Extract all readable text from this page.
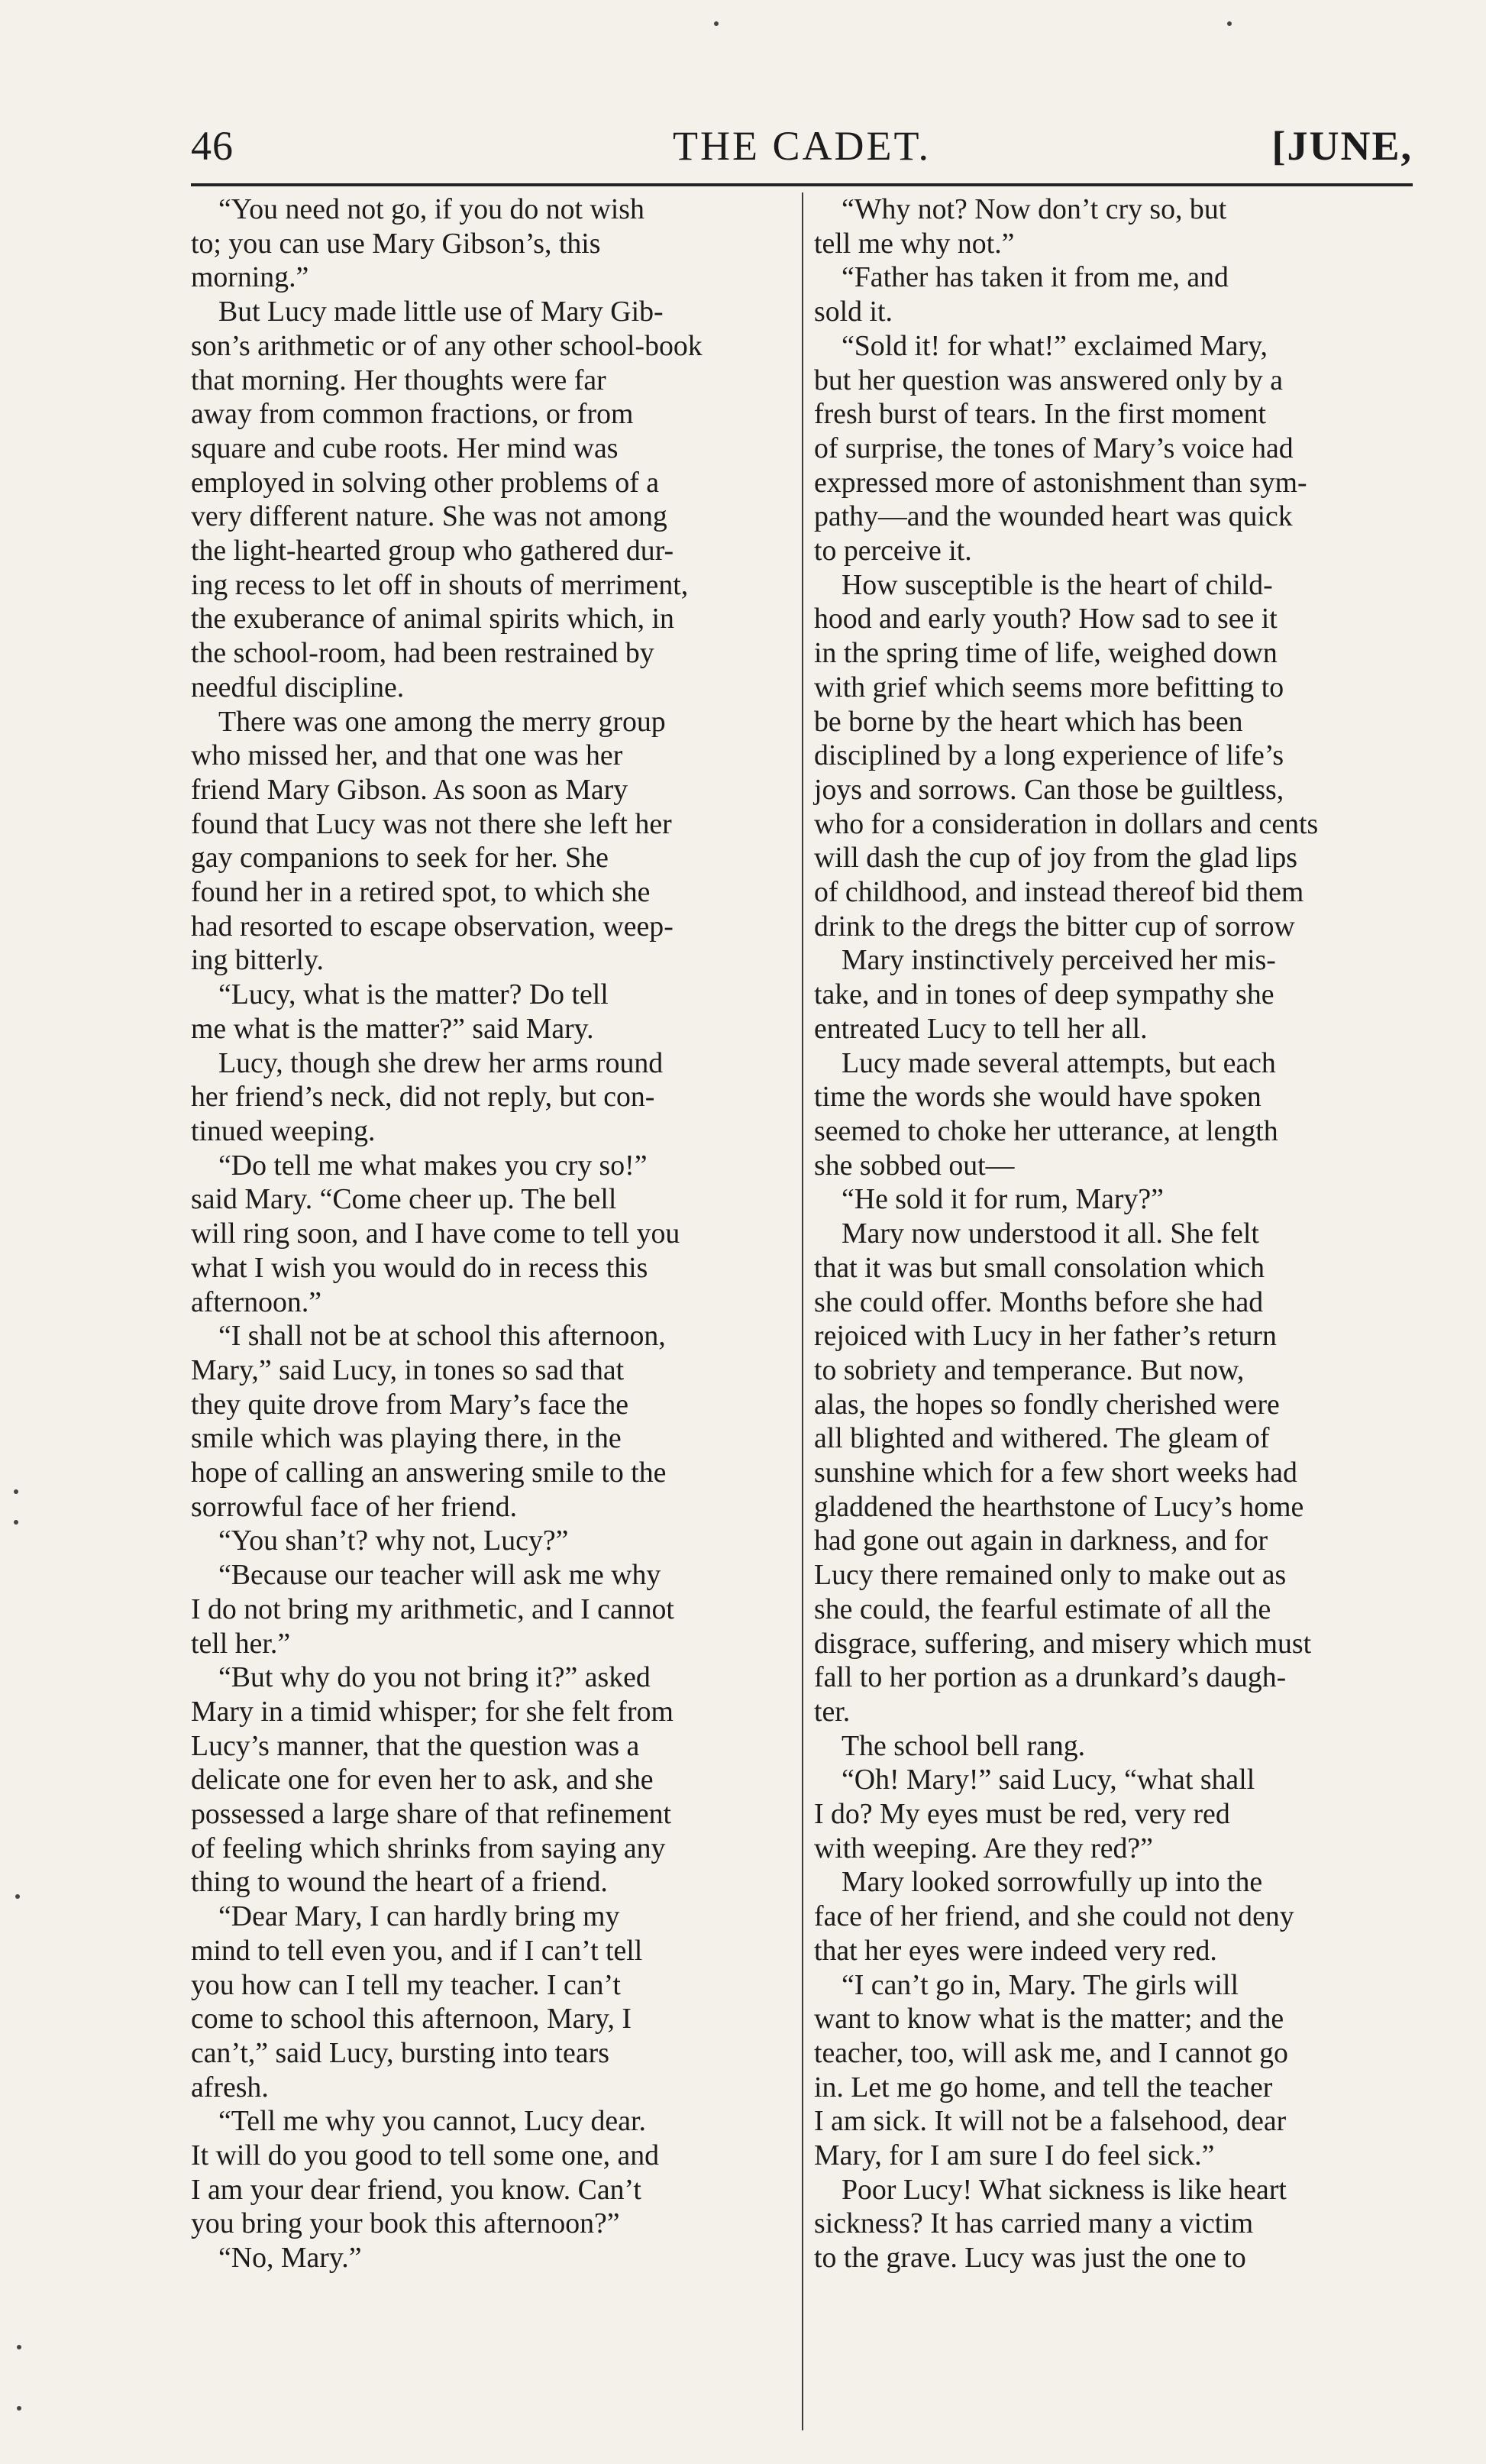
46	THE CADET.	[JUNE,

“You need not go, if you do not wish
to; you can use Mary Gibson’s, this
morning.”

But Lucy made little use of Mary Gib-
son’s arithmetic or of any other school-book
that morning. Her thoughts were far
away from common fractions, or from
square and cube roots. Her mind was
employed in solving other problems of a
very different nature. She was not among
the light-hearted group who gathered dur-
ing recess to let off in shouts of merriment,
the exuberance of animal spirits which, in
the school-room, had been restrained by
needful discipline.

There was one among the merry group
who missed her, and that one was her
friend Mary Gibson. As soon as Mary
found that Lucy was not there she left her
gay companions to seek for her. She
found her in a retired spot, to which she
had resorted to escape observation, weep-
ing bitterly.

“Lucy, what is the matter? Do tell
me what is the matter?” said Mary.

Lucy, though she drew her arms round
her friend’s neck, did not reply, but con-
tinued weeping.

“Do tell me what makes you cry so!”
said Mary. “Come cheer up. The bell
will ring soon, and I have come to tell you
what I wish you would do in recess this
afternoon.”

“I shall not be at school this afternoon,
Mary,” said Lucy, in tones so sad that
they quite drove from Mary’s face the
smile which was playing there, in the
hope of calling an answering smile to the
sorrowful face of her friend.

“You shan’t? why not, Lucy?”

“Because our teacher will ask me why
I do not bring my arithmetic, and I cannot
tell her.”

“But why do you not bring it?” asked
Mary in a timid whisper; for she felt from
Lucy’s manner, that the question was a
delicate one for even her to ask, and she
possessed a large share of that refinement
of feeling which shrinks from saying any
thing to wound the heart of a friend.

“Dear Mary, I can hardly bring my
mind to tell even you, and if I can’t tell
you how can I tell my teacher. I can’t
come to school this afternoon, Mary, I
can’t,” said Lucy, bursting into tears
afresh.

“Tell me why you cannot, Lucy dear.
It will do you good to tell some one, and
I am your dear friend, you know. Can’t
you bring your book this afternoon?”

“No, Mary.”

“Why not? Now don’t cry so, but
tell me why not.”

“Father has taken it from me, and
sold it.

“Sold it! for what!” exclaimed Mary,
but her question was answered only by a
fresh burst of tears. In the first moment
of surprise, the tones of Mary’s voice had
expressed more of astonishment than sym-
pathy—and the wounded heart was quick
to perceive it.

How susceptible is the heart of child-
hood and early youth? How sad to see it
in the spring time of life, weighed down
with grief which seems more befitting to
be borne by the heart which has been
disciplined by a long experience of life’s
joys and sorrows. Can those be guiltless,
who for a consideration in dollars and cents
will dash the cup of joy from the glad lips
of childhood, and instead thereof bid them
drink to the dregs the bitter cup of sorrow

Mary instinctively perceived her mis-
take, and in tones of deep sympathy she
entreated Lucy to tell her all.

Lucy made several attempts, but each
time the words she would have spoken
seemed to choke her utterance, at length
she sobbed out—

“He sold it for rum, Mary?”

Mary now understood it all. She felt
that it was but small consolation which
she could offer. Months before she had
rejoiced with Lucy in her father’s return
to sobriety and temperance. But now,
alas, the hopes so fondly cherished were
all blighted and withered. The gleam of
sunshine which for a few short weeks had
gladdened the hearthstone of Lucy’s home
had gone out again in darkness, and for
Lucy there remained only to make out as
she could, the fearful estimate of all the
disgrace, suffering, and misery which must
fall to her portion as a drunkard’s daugh-
ter.

The school bell rang.

“Oh! Mary!” said Lucy, “what shall
I do? My eyes must be red, very red
with weeping. Are they red?”

Mary looked sorrowfully up into the
face of her friend, and she could not deny
that her eyes were indeed very red.

“I can’t go in, Mary. The girls will
want to know what is the matter; and the
teacher, too, will ask me, and I cannot go
in. Let me go home, and tell the teacher
I am sick. It will not be a falsehood, dear
Mary, for I am sure I do feel sick.”

Poor Lucy! What sickness is like heart
sickness? It has carried many a victim
to the grave. Lucy was just the one to
